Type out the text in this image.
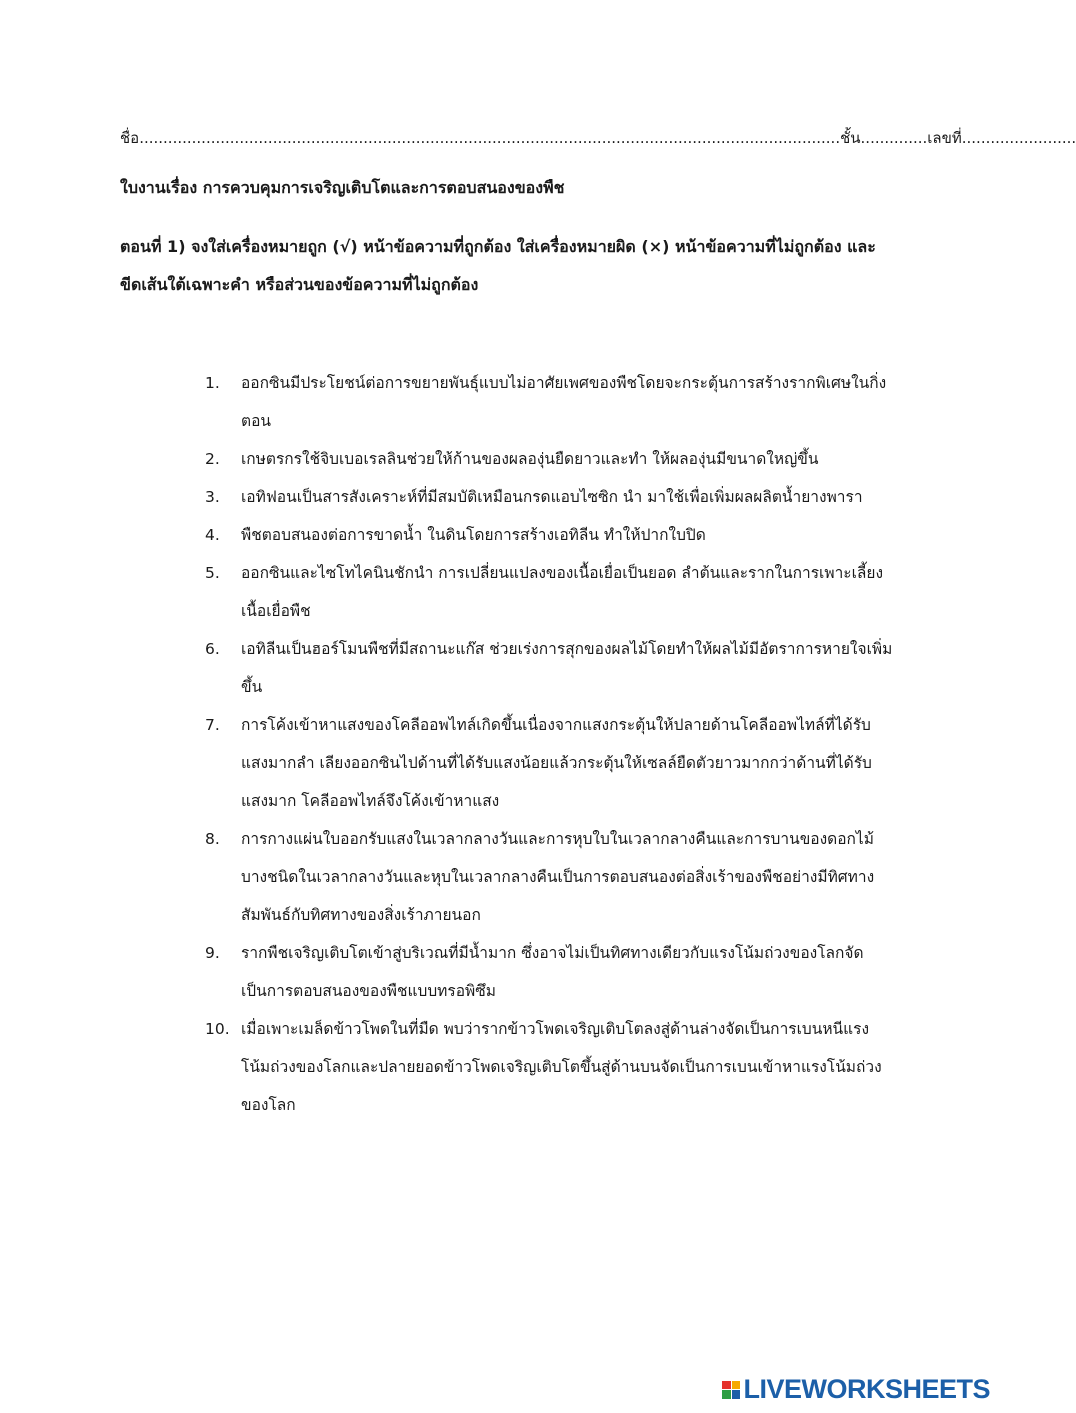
ชื่อ...................................................................................................................................................ชั้น..............เลขที่........................
ใบงานเรื่อง การควบคุมการเจริญเติบโตและการตอบสนองของพืช
ตอนที่ 1) จงใส่เครื่องหมายถูก (√) หน้าข้อความที่ถูกต้อง ใส่เครื่องหมายผิด (×) หน้าข้อความที่ไม่ถูกต้อง และขีดเส้นใต้เฉพาะคำ หรือส่วนของข้อความที่ไม่ถูกต้อง
1.	ออกซินมีประโยชน์ต่อการขยายพันธุ์แบบไม่อาศัยเพศของพืชโดยจะกระตุ้นการสร้างรากพิเศษในกิ่งตอน
2.	เกษตรกรใช้จิบเบอเรลลินช่วยให้ก้านของผลองุ่นยืดยาวและทำ ให้ผลองุ่นมีขนาดใหญ่ขึ้น
3.	เอทิฟอนเป็นสารสังเคราะห์ที่มีสมบัติเหมือนกรดแอบไซซิก นำ มาใช้เพื่อเพิ่มผลผลิตน้ำยางพารา
4.	พืชตอบสนองต่อการขาดน้ำ ในดินโดยการสร้างเอทิลีน ทำให้ปากใบปิด
5.	ออกซินและไซโทไคนินชักนำ การเปลี่ยนแปลงของเนื้อเยื่อเป็นยอด ลำต้นและรากในการเพาะเลี้ยงเนื้อเยื่อพืช
6.	เอทิลีนเป็นฮอร์โมนพืชที่มีสถานะแก๊ส ช่วยเร่งการสุกของผลไม้โดยทำให้ผลไม้มีอัตราการหายใจเพิ่มขึ้น
7.	การโค้งเข้าหาแสงของโคลีออพไทล์เกิดขึ้นเนื่องจากแสงกระตุ้นให้ปลายด้านโคลีออพไทล์ที่ได้รับแสงมากลำ เลียงออกซินไปด้านที่ได้รับแสงน้อยแล้วกระตุ้นให้เซลล์ยืดตัวยาวมากกว่าด้านที่ได้รับแสงมาก โคลีออพไทล์จึงโค้งเข้าหาแสง
8.	การกางแผ่นใบออกรับแสงในเวลากลางวันและการหุบใบในเวลากลางคืนและการบานของดอกไม้บางชนิดในเวลากลางวันและหุบในเวลากลางคืนเป็นการตอบสนองต่อสิ่งเร้าของพืชอย่างมีทิศทางสัมพันธ์กับทิศทางของสิ่งเร้าภายนอก
9.	รากพืชเจริญเติบโตเข้าสู่บริเวณที่มีน้ำมาก ซึ่งอาจไม่เป็นทิศทางเดียวกับแรงโน้มถ่วงของโลกจัดเป็นการตอบสนองของพืชแบบทรอพิซึม
10. เมื่อเพาะเมล็ดข้าวโพดในที่มืด พบว่ารากข้าวโพดเจริญเติบโตลงสู่ด้านล่างจัดเป็นการเบนหนีแรงโน้มถ่วงของโลกและปลายยอดข้าวโพดเจริญเติบโตขึ้นสู่ด้านบนจัดเป็นการเบนเข้าหาแรงโน้มถ่วงของโลก
LIVEWORKSHEETS
